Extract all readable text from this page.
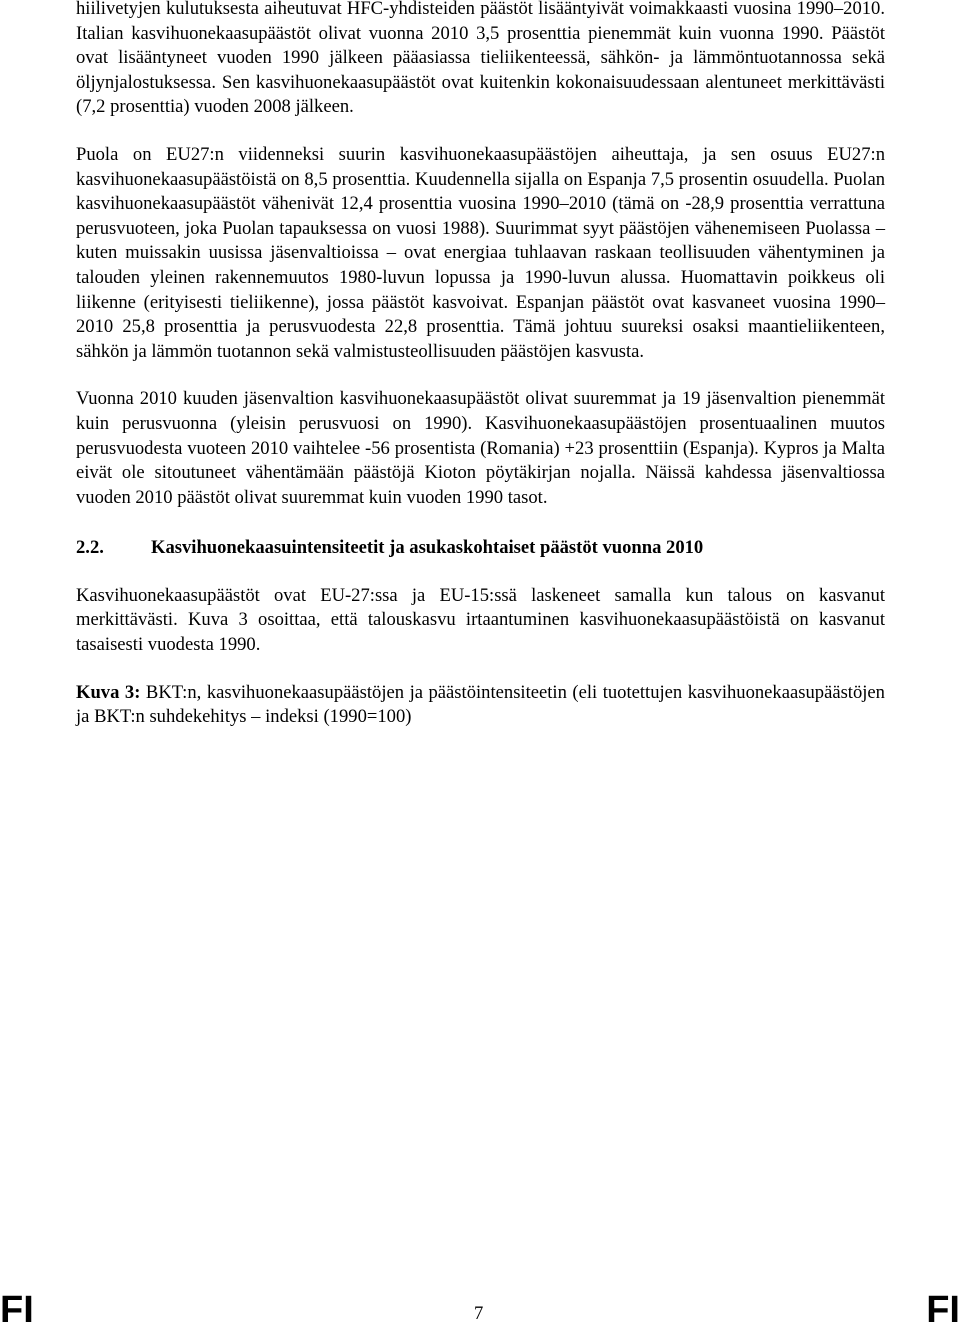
hiilivetyjen kulutuksesta aiheutuvat HFC-yhdisteiden päästöt lisääntyivät voimakkaasti vuosina 1990–2010. Italian kasvihuonekaasupäästöt olivat vuonna 2010 3,5 prosenttia pienemmät kuin vuonna 1990. Päästöt ovat lisääntyneet vuoden 1990 jälkeen pääasiassa tieliikenteessä, sähkön- ja lämmöntuotannossa sekä öljynjalostuksessa. Sen kasvihuonekaasupäästöt ovat kuitenkin kokonaisuudessaan alentuneet merkittävästi (7,2 prosenttia) vuoden 2008 jälkeen.

Puola on EU27:n viidenneksi suurin kasvihuonekaasupäästöjen aiheuttaja, ja sen osuus EU27:n kasvihuonekaasupäästöistä on 8,5 prosenttia. Kuudennella sijalla on Espanja 7,5 prosentin osuudella. Puolan kasvihuonekaasupäästöt vähenivät 12,4 prosenttia vuosina 1990–2010 (tämä on -28,9 prosenttia verrattuna perusvuoteen, joka Puolan tapauksessa on vuosi 1988). Suurimmat syyt päästöjen vähenemiseen Puolassa – kuten muissakin uusissa jäsenvaltioissa – ovat energiaa tuhlaavan raskaan teollisuuden vähentyminen ja talouden yleinen rakennemuutos 1980-luvun lopussa ja 1990-luvun alussa. Huomattavin poikkeus oli liikenne (erityisesti tieliikenne), jossa päästöt kasvoivat. Espanjan päästöt ovat kasvaneet vuosina 1990–2010 25,8 prosenttia ja perusvuodesta 22,8 prosenttia. Tämä johtuu suureksi osaksi maantieliikenteen, sähkön ja lämmön tuotannon sekä valmistusteollisuuden päästöjen kasvusta.

Vuonna 2010 kuuden jäsenvaltion kasvihuonekaasupäästöt olivat suuremmat ja 19 jäsenvaltion pienemmät kuin perusvuonna (yleisin perusvuosi on 1990). Kasvihuonekaasupäästöjen prosentuaalinen muutos perusvuodesta vuoteen 2010 vaihtelee -56 prosentista (Romania) +23 prosenttiin (Espanja). Kypros ja Malta eivät ole sitoutuneet vähentämään päästöjä Kioton pöytäkirjan nojalla. Näissä kahdessa jäsenvaltiossa vuoden 2010 päästöt olivat suuremmat kuin vuoden 1990 tasot.

2.2.	Kasvihuonekaasuintensiteetit ja asukaskohtaiset päästöt vuonna 2010

Kasvihuonekaasupäästöt ovat EU-27:ssa ja EU-15:ssä laskeneet samalla kun talous on kasvanut merkittävästi. Kuva 3 osoittaa, että talouskasvu irtaantuminen kasvihuonekaasupäästöistä on kasvanut tasaisesti vuodesta 1990.

Kuva 3: BKT:n, kasvihuonekaasupäästöjen ja päästöintensiteetin (eli tuotettujen kasvihuonekaasupäästöjen ja BKT:n suhdekehitys – indeksi (1990=100)

FI	7	FI
